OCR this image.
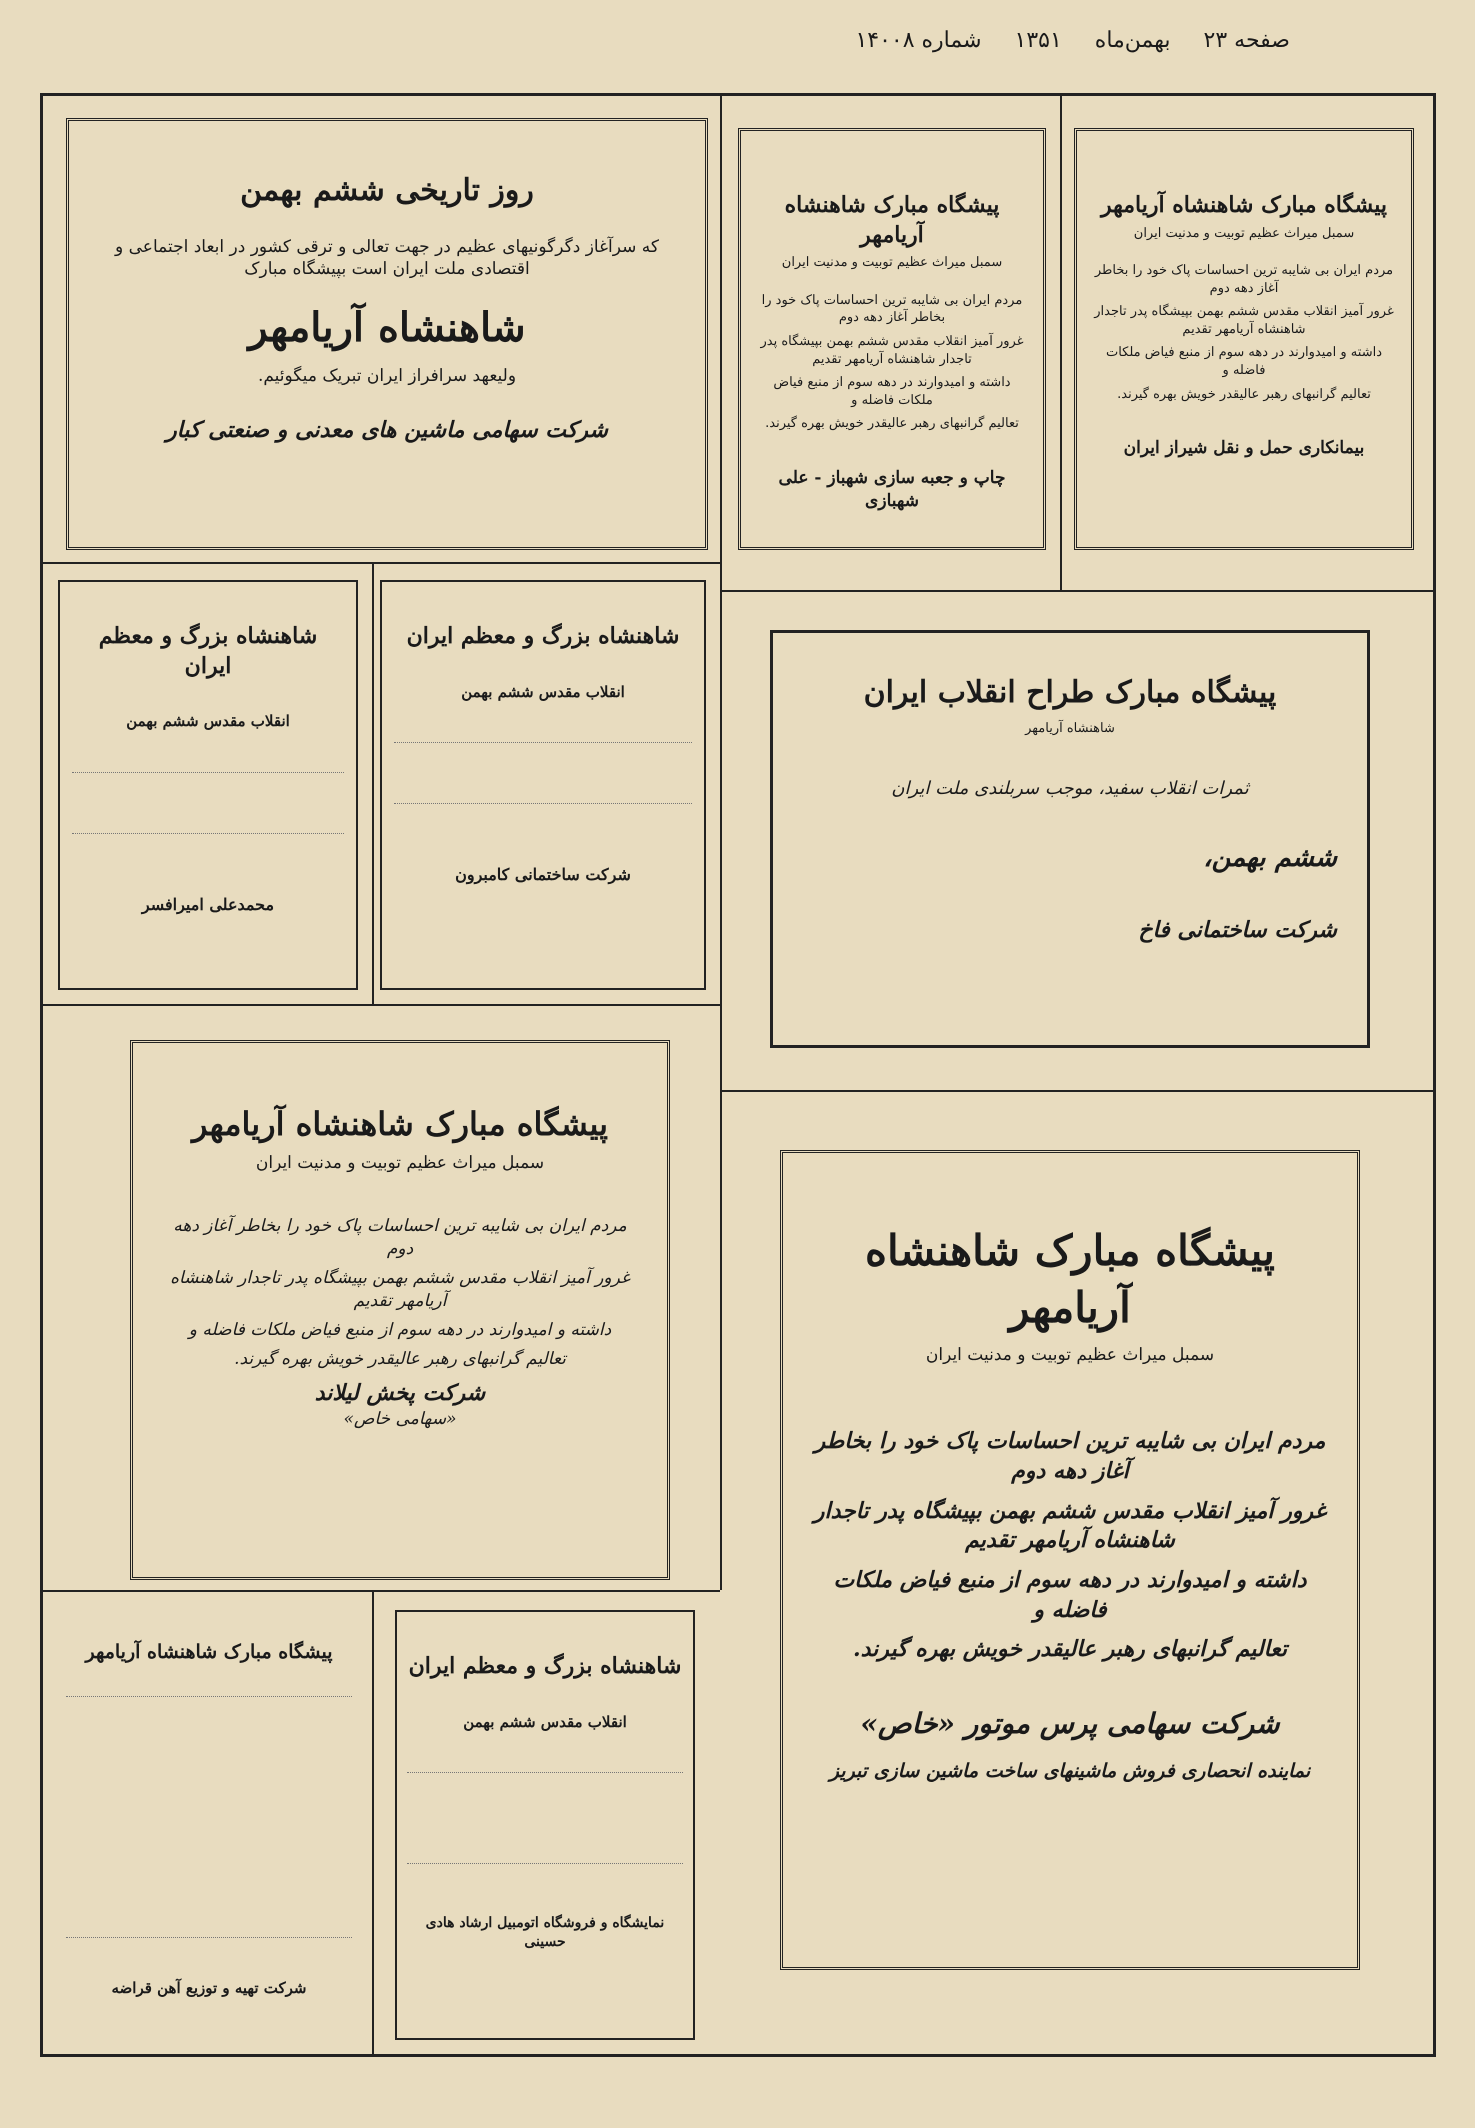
صفحه ۲۳ بهمن‌ماه ۱۳۵۱ شماره ۱۴۰۰۸
روز تاریخی ششم بهمن
که سرآغاز دگرگونیهای عظیم در جهت تعالی و ترقی کشور در ابعاد اجتماعی و اقتصادی ملت ایران است بپیشگاه مبارک
شاهنشاه آریامهر
ولیعهد سرافراز ایران تبریک میگوئیم.
شرکت سهامی ماشین های معدنی و صنعتی کبار
پیشگاه مبارک شاهنشاه آریامهر
سمبل میراث عظیم توبیت و مدنیت ایران
مردم ایران بی شایبه ترین احساسات پاک خود را بخاطر آغاز دهه دوم
غرور آمیز انقلاب مقدس ششم بهمن بپیشگاه پدر تاجدار شاهنشاه آریامهر تقدیم
داشته و امیدوارند در دهه سوم از منبع فیاض ملکات فاضله و
تعالیم گرانبهای رهبر عالیقدر خویش بهره گیرند.
چاپ و جعبه سازی شهباز - علی شهبازی
پیشگاه مبارک شاهنشاه آریامهر
سمبل میراث عظیم توبیت و مدنیت ایران
مردم ایران بی شایبه ترین احساسات پاک خود را بخاطر آغاز دهه دوم
غرور آمیز انقلاب مقدس ششم بهمن بپیشگاه پدر تاجدار شاهنشاه آریامهر تقدیم
داشته و امیدوارند در دهه سوم از منبع فیاض ملکات فاضله و
تعالیم گرانبهای رهبر عالیقدر خویش بهره گیرند.
بیمانکاری حمل و نقل شیراز ایران
شاهنشاه بزرگ و معظم ایران
انقلاب مقدس ششم بهمن
محمدعلی امیرافسر
شاهنشاه بزرگ و معظم ایران
انقلاب مقدس ششم بهمن
شرکت ساختمانی کامبرون
پیشگاه مبارک طراح انقلاب ایران
شاهنشاه آریامهر
ثمرات انقلاب سفید، موجب سربلندی ملت ایران
ششم بهمن،
شرکت ساختمانی فاخ
پیشگاه مبارک شاهنشاه آریامهر
سمبل میراث عظیم توبیت و مدنیت ایران
مردم ایران بی شایبه ترین احساسات پاک خود را بخاطر آغاز دهه دوم
غرور آمیز انقلاب مقدس ششم بهمن بپیشگاه پدر تاجدار شاهنشاه آریامهر تقدیم
داشته و امیدوارند در دهه سوم از منبع فیاض ملکات فاضله و
تعالیم گرانبهای رهبر عالیقدر خویش بهره گیرند.
شرکت پخش لیلاند
«سهامی خاص»
پیشگاه مبارک شاهنشاه آریامهر
سمبل میراث عظیم توبیت و مدنیت ایران
مردم ایران بی شایبه ترین احساسات پاک خود را بخاطر آغاز دهه دوم
غرور آمیز انقلاب مقدس ششم بهمن بپیشگاه پدر تاجدار شاهنشاه آریامهر تقدیم
داشته و امیدوارند در دهه سوم از منبع فیاض ملکات فاضله و
تعالیم گرانبهای رهبر عالیقدر خویش بهره گیرند.
شرکت سهامی پرس موتور «خاص»
نماینده انحصاری فروش ماشینهای ساخت ماشین سازی تبریز
پیشگاه مبارک شاهنشاه آریامهر
شرکت تهیه و توزیع آهن قراضه
شاهنشاه بزرگ و معظم ایران
انقلاب مقدس ششم بهمن
نمایشگاه و فروشگاه اتومبیل ارشاد هادی حسینی
